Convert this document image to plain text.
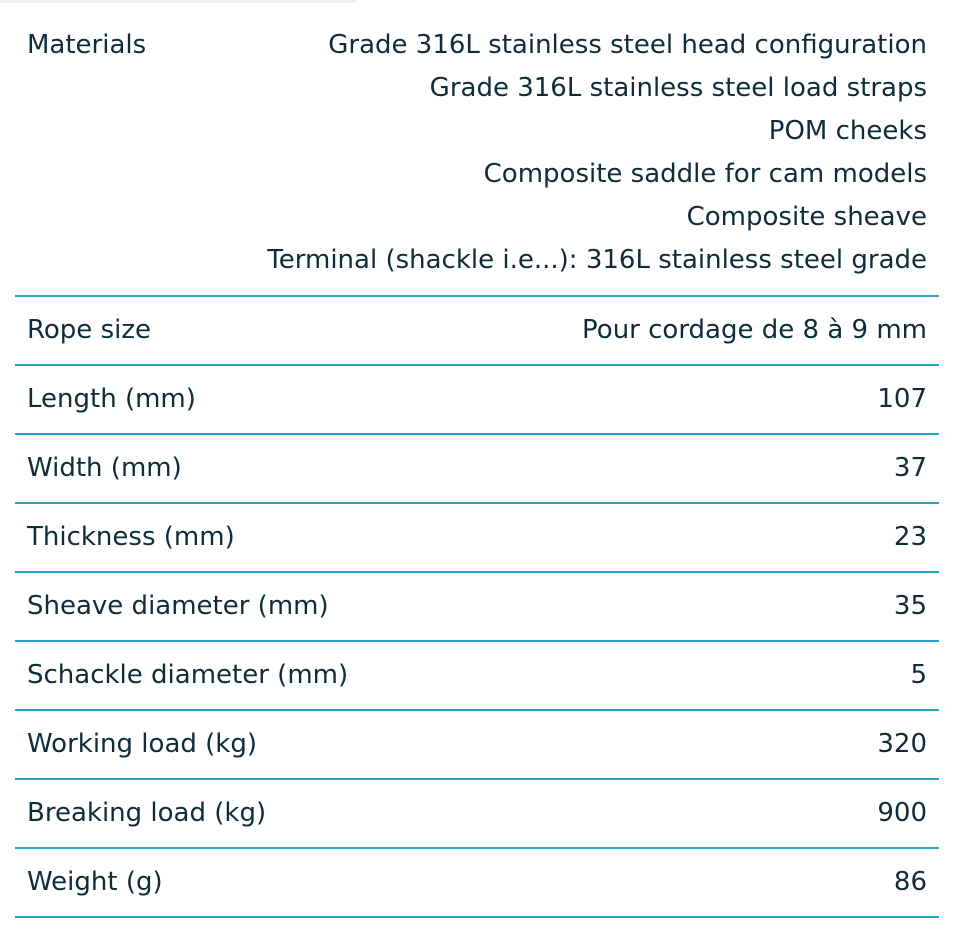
Materials	Grade 316L stainless steel head configuration
Grade 316L stainless steel load straps
POM cheeks
Composite saddle for cam models
Composite sheave
Terminal (shackle i.e...): 316L stainless steel grade
Rope size	Pour cordage de 8 à 9 mm
Length (mm)	107
Width (mm)	37
Thickness (mm)	23
Sheave diameter (mm)	35
Schackle diameter (mm)	5
Working load (kg)	320
Breaking load (kg)	900
Weight (g)	86
